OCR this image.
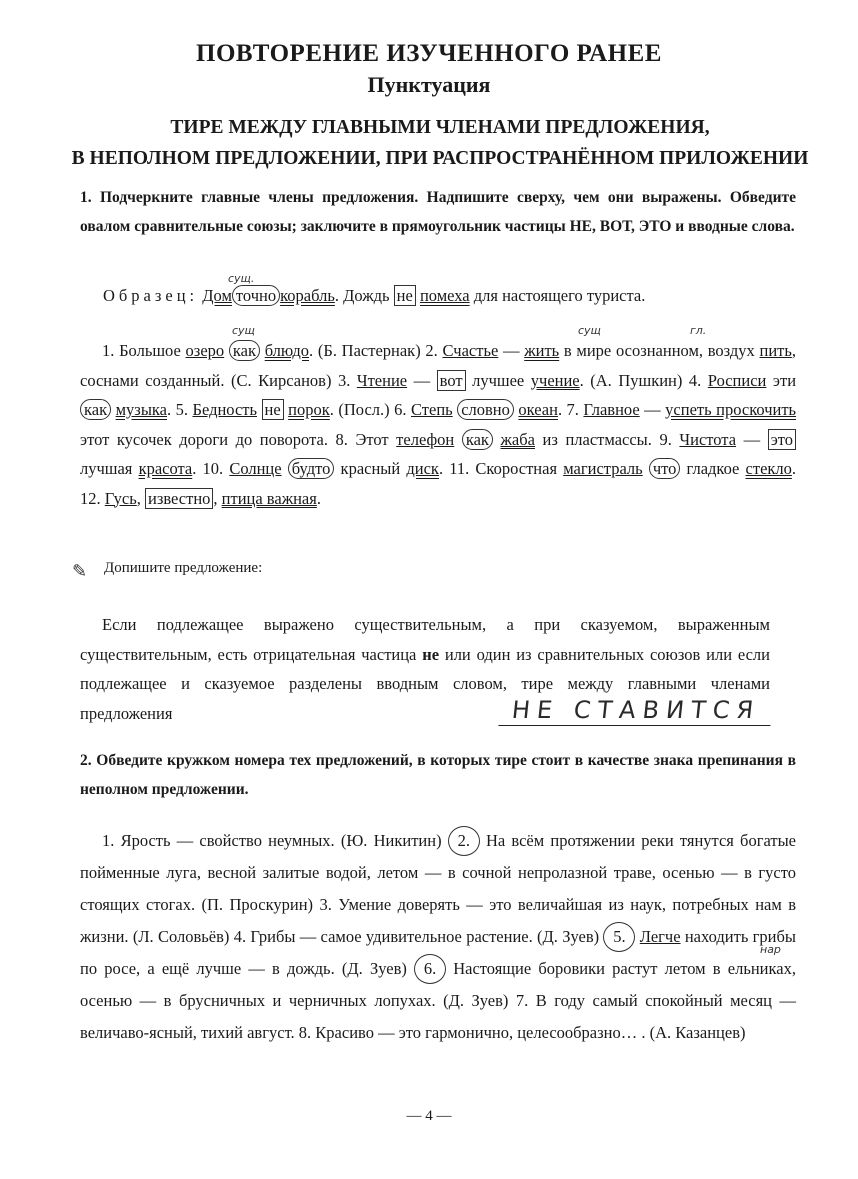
ПОВТОРЕНИЕ ИЗУЧЕННОГО РАНЕЕ
Пунктуация
ТИРЕ МЕЖДУ ГЛАВНЫМИ ЧЛЕНАМИ ПРЕДЛОЖЕНИЯ,
В НЕПОЛНОМ ПРЕДЛОЖЕНИИ, ПРИ РАСПРОСТРАНЁННОМ ПРИЛОЖЕНИИ
1. Подчеркните главные члены предложения. Надпишите сверху, чем они выражены. Обведите овалом сравнительные союзы; заключите в прямоугольник частицы НЕ, ВОТ, ЭТО и вводные слова.
Образец: Дом точно корабль. Дождь не помеха для настоящего туриста.
сущ.
1. Большое озеро как блюдо. (Б. Пастернак) 2. Счастье — жить в мире осознанном, воздух пить, соснами созданный. (С. Кирсанов) 3. Чтение — вот лучшее учение. (А. Пушкин) 4. Росписи эти как музыка. 5. Бедность не порок. (Посл.) 6. Степь словно океан. 7. Главное — успеть проскочить этот кусочек дороги до поворота. 8. Этот телефон как жаба из пластмассы. 9. Чистота — это лучшая красота. 10. Солнце будто красный диск. 11. Скоростная магистраль что гладкое стекло. 12. Гусь, известно , птица важная.
сущ	гл.
сущ
✎ Допишите предложение:
Если подлежащее выражено существительным, а при сказуемом, выраженным существительным, есть отрицательная частица не или один из сравнительных союзов или если подлежащее и сказуемое разделены вводным словом, тире между главными членами предложения	НЕ СТАВИТСЯ
2. Обведите кружком номера тех предложений, в которых тире стоит в качестве знака препинания в неполном предложении.
1. Ярость — свойство неумных. (Ю. Никитин) 2. На всём протяжении реки тянутся богатые пойменные луга, весной залитые водой, летом — в сочной непролазной траве, осенью — в густо стоящих стогах. (П. Проскурин) 3. Умение доверять — это величайшая из наук, потребных нам в жизни. (Л. Соловьёв) 4. Грибы — самое удивительное растение. (Д. Зуев) 5. Легче находить грибы по росе, а ещё лучше — в дождь. (Д. Зуев) 6. Настоящие боровики растут летом в ельниках, осенью — в брусничных и черничных лопухах. (Д. Зуев) 7. В году самый спокойный месяц — величаво-ясный, тихий август. 8. Красиво — это гармонично, целесообразно… . (А. Казанцев)
нар
— 4 —
